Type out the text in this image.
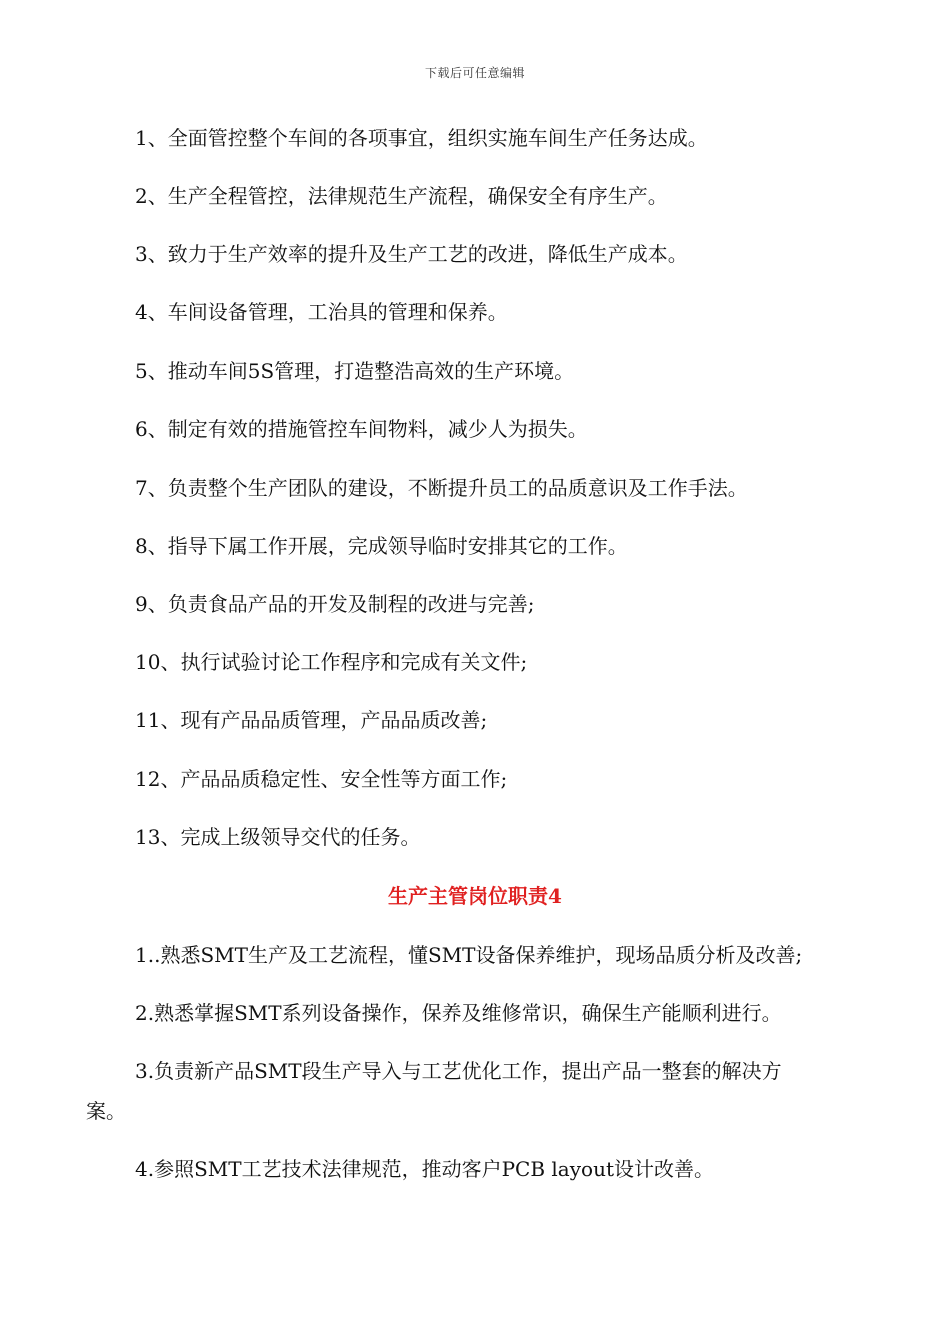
下载后可任意编辑
1、全面管控整个车间的各项事宜，组织实施车间生产任务达成。
2、生产全程管控，法律规范生产流程，确保安全有序生产。
3、致力于生产效率的提升及生产工艺的改进，降低生产成本。
4、车间设备管理，工治具的管理和保养。
5、推动车间5S管理，打造整浩高效的生产环境。
6、制定有效的措施管控车间物料，减少人为损失。
7、负责整个生产团队的建设，不断提升员工的品质意识及工作手法。
8、指导下属工作开展，完成领导临时安排其它的工作。
9、负责食品产品的开发及制程的改进与完善;
10、执行试验讨论工作程序和完成有关文件;
11、现有产品品质管理，产品品质改善;
12、产品品质稳定性、安全性等方面工作;
13、完成上级领导交代的任务。
生产主管岗位职责4
1..熟悉SMT生产及工艺流程，懂SMT设备保养维护，现场品质分析及改善;
2.熟悉掌握SMT系列设备操作，保养及维修常识，确保生产能顺利进行。
3.负责新产品SMT段生产导入与工艺优化工作，提出产品一整套的解决方
案。
4.参照SMT工艺技术法律规范，推动客户PCB layout设计改善。
